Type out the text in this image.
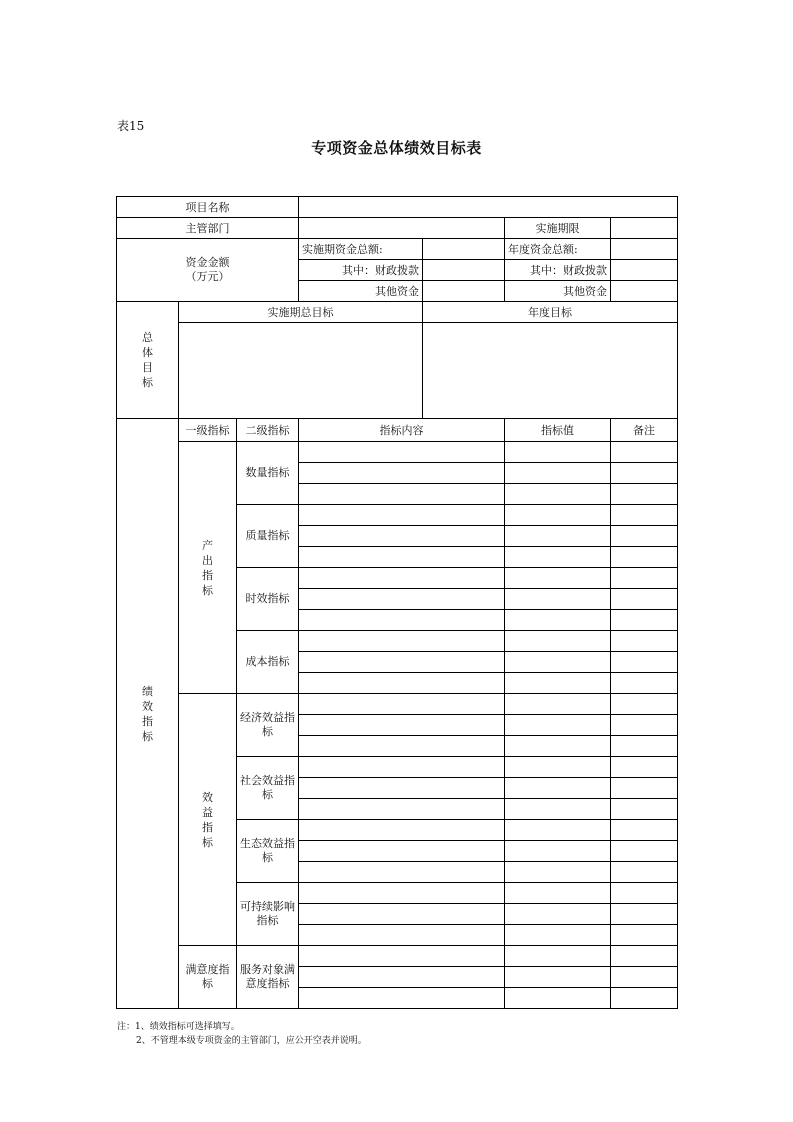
表15
专项资金总体绩效目标表
项目名称						
主管部门					实施期限	

资金金额
（万元）			实施期资金总额:		年度资金总额:	
			其中：财政拨款		其中：财政拨款	
			其他资金		其他资金	

总体目标	实施期总目标			年度目标		

绩效指标	一级指标	二级指标	指标内容		指标值	备注

	产出指标	数量指标				

		质量指标				

		时效指标				

		成本指标				

	效益指标	经济效益指标				

		社会效益指标				

		生态效益指标				

		可持续影响指标				

	满意度指标	服务对象满意度指标				

注：1、绩效指标可选择填写。
2、不管理本级专项资金的主管部门，应公开空表并说明。
